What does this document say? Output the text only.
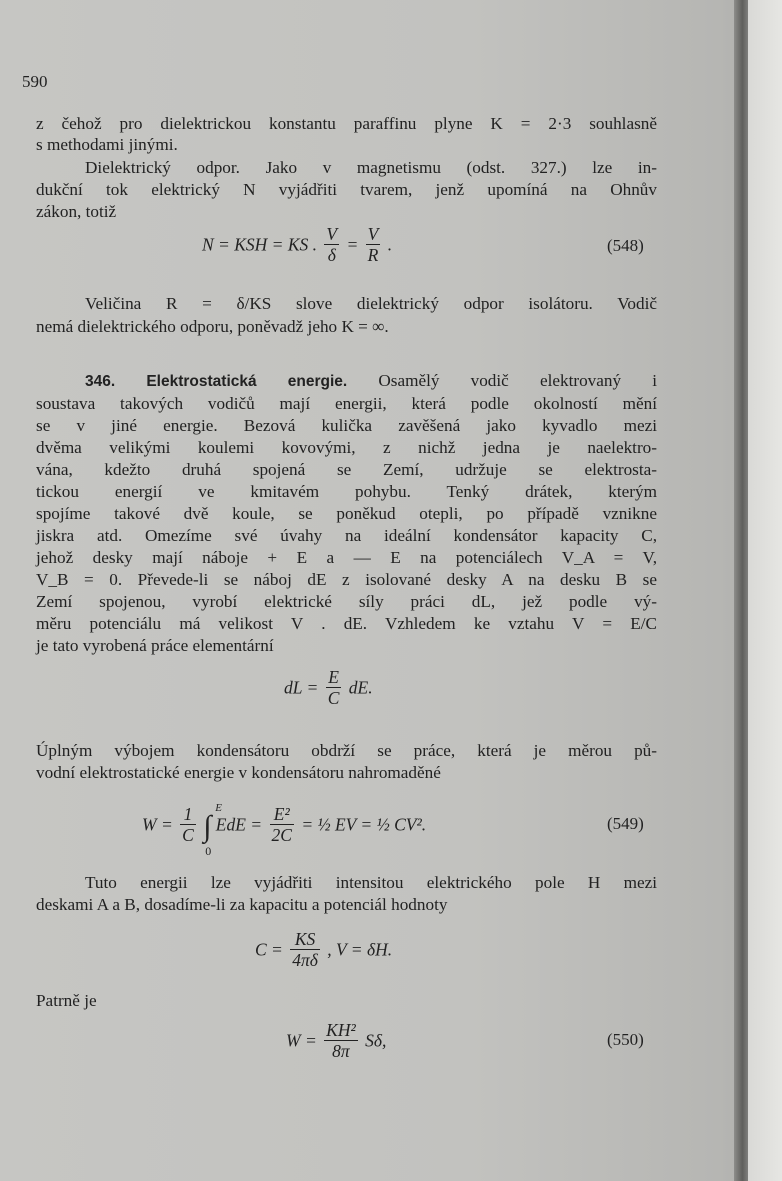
590
z čehož pro dielektrickou konstantu paraffinu plyne K = 2·3 souhlasně
s methodami jinými.
Dielektrický odpor. Jako v magnetismu (odst. 327.) lze in-
dukční tok elektrický N vyjádřiti tvarem, jenž upomíná na Ohnův
zákon, totiž
N = KSH = KS . $\frac{V}{\delta} = \frac{V}{R}$ .	(548)
Veličina R = δ/KS slove dielektrický odpor isolátoru. Vodič
nemá dielektrického odporu, poněvadž jeho K = ∞.
346. Elektrostatická energie. Osamělý vodič elektrovaný i
soustava takových vodičů mají energii, která podle okolností mění
se v jiné energie. Bezová kulička zavěšená jako kyvadlo mezi
dvěma velikými koulemi kovovými, z nichž jedna je naelektro-
vána, kdežto druhá spojená se Zemí, udržuje se elektrosta-
tickou energií ve kmitavém pohybu. Tenký drátek, kterým
spojíme takové dvě koule, se poněkud otepli, po případě vznikne
jiskra atd. Omezíme své úvahy na ideální kondensátor kapacity C,
jehož desky mají náboje + E a — E na potenciálech V_A = V,
V_B = 0. Převede-li se náboj dE z isolované desky A na desku B se
Zemí spojenou, vyrobí elektrické síly práci dL, jež podle vý-
měru potenciálu má velikost V . dE. Vzhledem ke vztahu V = E/C
je tato vyrobená práce elementární
dL = $\frac{E}{C}$ dE.
Úplným výbojem kondensátoru obdrží se práce, která je měrou pů-
vodní elektrostatické energie v kondensátoru nahromaděné
$W = \frac{1}{C}$ ∫
E
0
EdE = $\frac{\text{E²}}{2C}$ = ½ EV = ½ CV².	(549)
Tuto energii lze vyjádřiti intensitou elektrického pole H mezi
deskami A a B, dosadíme-li za kapacitu a potenciál hodnoty
$C = \frac{KS}{4\pi\delta}$ , V = δH.
Patrně je
$W = \frac{\text{KH²}}{8\pi} S\delta$,	(550)
